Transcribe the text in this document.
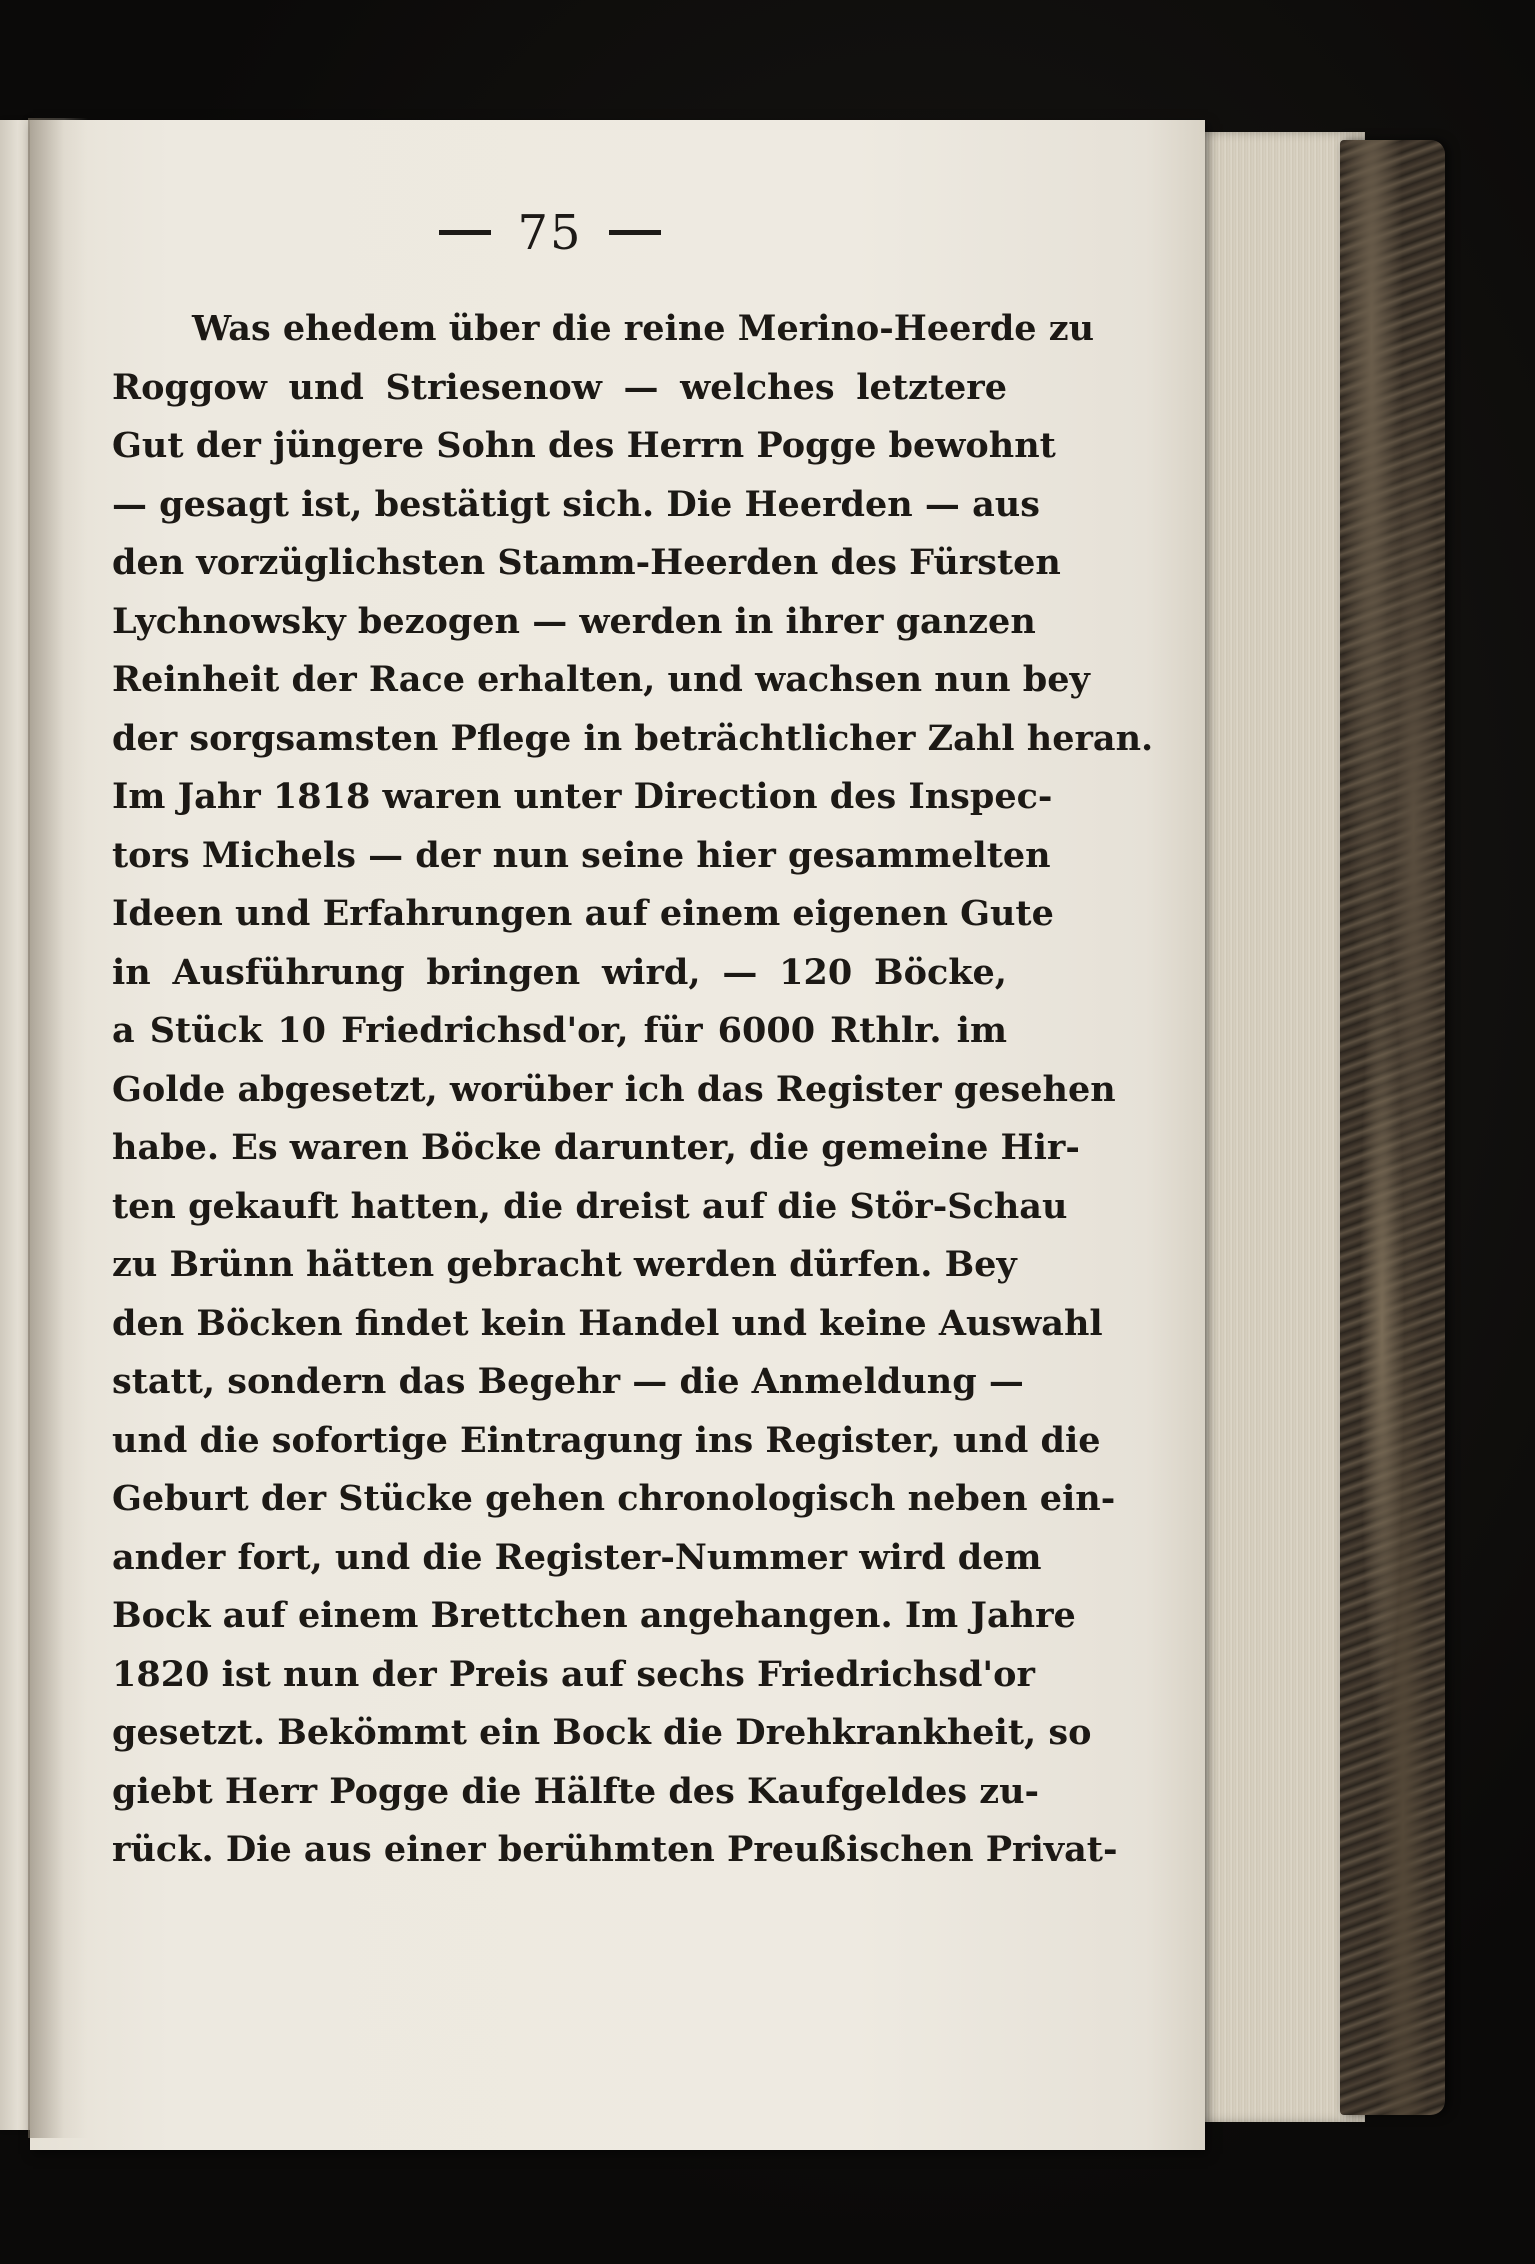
75
Was ehedem über die reine Merino-Heerde zu
Roggow und Striesenow — welches letztere
Gut der jüngere Sohn des Herrn Pogge bewohnt
— gesagt ist, bestätigt sich. Die Heerden — aus
den vorzüglichsten Stamm-Heerden des Fürsten
Lychnowsky bezogen — werden in ihrer ganzen
Reinheit der Race erhalten, und wachsen nun bey
der sorgsamsten Pflege in beträchtlicher Zahl heran.
Im Jahr 1818 waren unter Direction des Inspec-
tors Michels — der nun seine hier gesammelten
Ideen und Erfahrungen auf einem eigenen Gute
in Ausführung bringen wird, — 120 Böcke,
a Stück 10 Friedrichsd'or, für 6000 Rthlr. im
Golde abgesetzt, worüber ich das Register gesehen
habe. Es waren Böcke darunter, die gemeine Hir-
ten gekauft hatten, die dreist auf die Stör-Schau
zu Brünn hätten gebracht werden dürfen. Bey
den Böcken findet kein Handel und keine Auswahl
statt, sondern das Begehr — die Anmeldung —
und die sofortige Eintragung ins Register, und die
Geburt der Stücke gehen chronologisch neben ein-
ander fort, und die Register-Nummer wird dem
Bock auf einem Brettchen angehangen. Im Jahre
1820 ist nun der Preis auf sechs Friedrichsd'or
gesetzt. Bekömmt ein Bock die Drehkrankheit, so
giebt Herr Pogge die Hälfte des Kaufgeldes zu-
rück. Die aus einer berühmten Preußischen Privat-
